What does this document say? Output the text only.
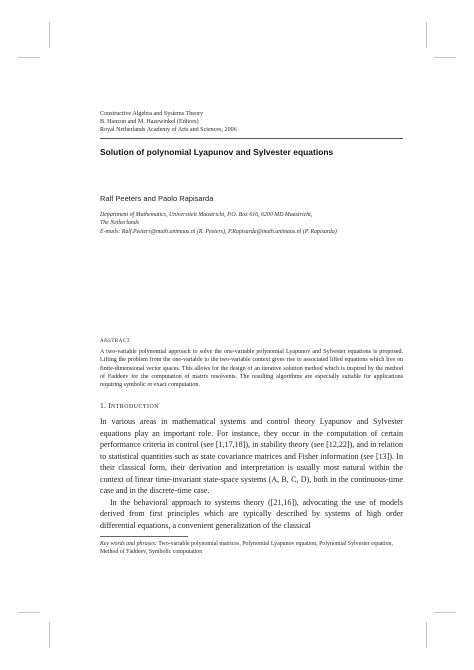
Constructive Algebra and Systems Theory
B. Hanzon and M. Hazewinkel (Editors)
Royal Netherlands Academy of Arts and Sciences, 2006
Solution of polynomial Lyapunov and Sylvester equations
Ralf Peeters and Paolo Rapisarda
Department of Mathematics, Universiteit Maastricht, P.O. Box 616, 6200 MD Maastricht,
The Netherlands
E-mails: Ralf.Peeters@math.unimaas.nl (R. Peeters), P.Rapisarda@math.unimaas.nl (P. Rapisarda)
ABSTRACT
A two-variable polynomial approach to solve the one-variable polynomial Lyapunov and Sylvester equations is proposed. Lifting the problem from the one-variable to the two-variable context gives rise to associated lifted equations which live on finite-dimensional vector spaces. This allows for the design of an iterative solution method which is inspired by the method of Faddeev for the computation of matrix resolvents. The resulting algorithms are especially suitable for applications requiring symbolic or exact computation.
1. INTRODUCTION

In various areas in mathematical systems and control theory Lyapunov and Sylvester equations play an important role. For instance, they occur in the computation of certain performance criteria in control (see [1,17,18]), in stability theory (see [12,22]), and in relation to statistical quantities such as state covariance matrices and Fisher information (see [13]). In their classical form, their derivation and interpretation is usually most natural within the context of linear time-invariant state-space systems (A, B, C, D), both in the continuous-time case and in the discrete-time case.

In the behavioral approach to systems theory ([21,16]), advocating the use of models derived from first principles which are typically described by systems of high order differential equations, a convenient generalization of the classical

Key words and phrases: Two-variable polynomial matrices, Polynomial Lyapunov equation, Polynomial Sylvester equation, Method of Faddeev, Symbolic computation
